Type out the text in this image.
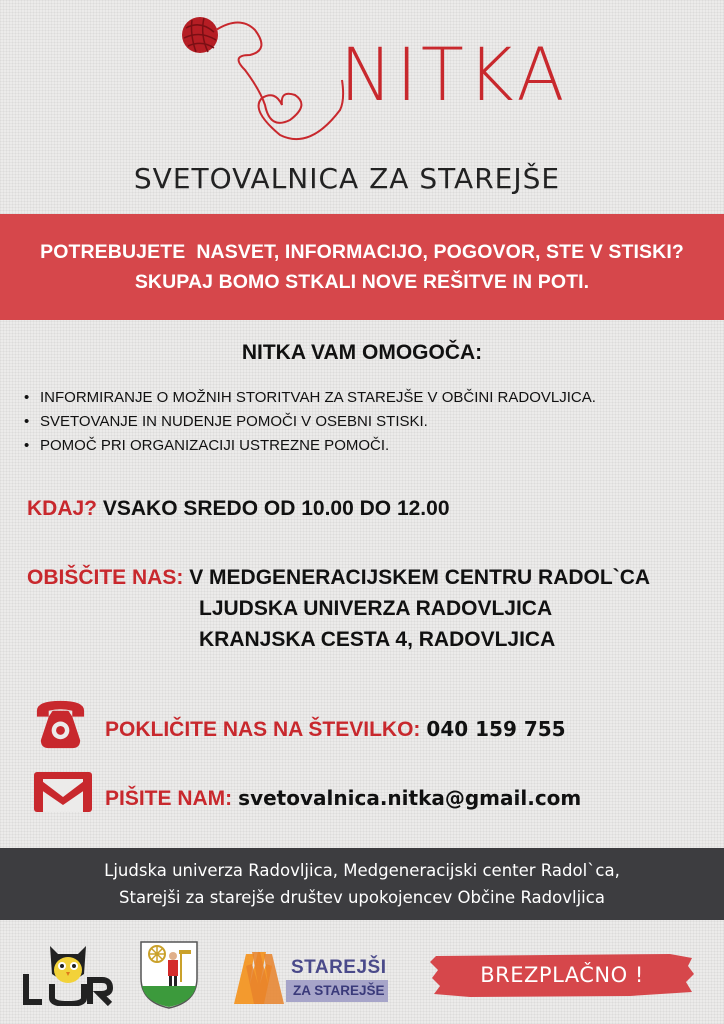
NITKA
SVETOVALNICA ZA STAREJŠE
POTREBUJETE  NASVET, INFORMACIJO, POGOVOR, STE V STISKI?
SKUPAJ BOMO STKALI NOVE REŠITVE IN POTI.
NITKA VAM OMOGOČA:
• INFORMIRANJE O MOŽNIH STORITVAH ZA STAREJŠE V OBČINI RADOVLJICA.
• SVETOVANJE IN NUDENJE POMOČI V OSEBNI STISKI.
• POMOČ PRI ORGANIZACIJI USTREZNE POMOČI.
KDAJ? VSAKO SREDO OD 10.00 DO 12.00
OBIŠČITE NAS: V MEDGENERACIJSKEM CENTRU RADOL`CA
LJUDSKA UNIVERZA RADOVLJICA
KRANJSKA CESTA 4, RADOVLJICA
POKLIČITE NAS NA ŠTEVILKO: 040 159 755
PIŠITE NAM: svetovalnica.nitka@gmail.com
Ljudska univerza Radovljica, Medgeneracijski center Radol`ca,
Starejši za starejše društev upokojencev Občine Radovljica
STAREJŠI
ZA STAREJŠE
BREZPLAČNO !
